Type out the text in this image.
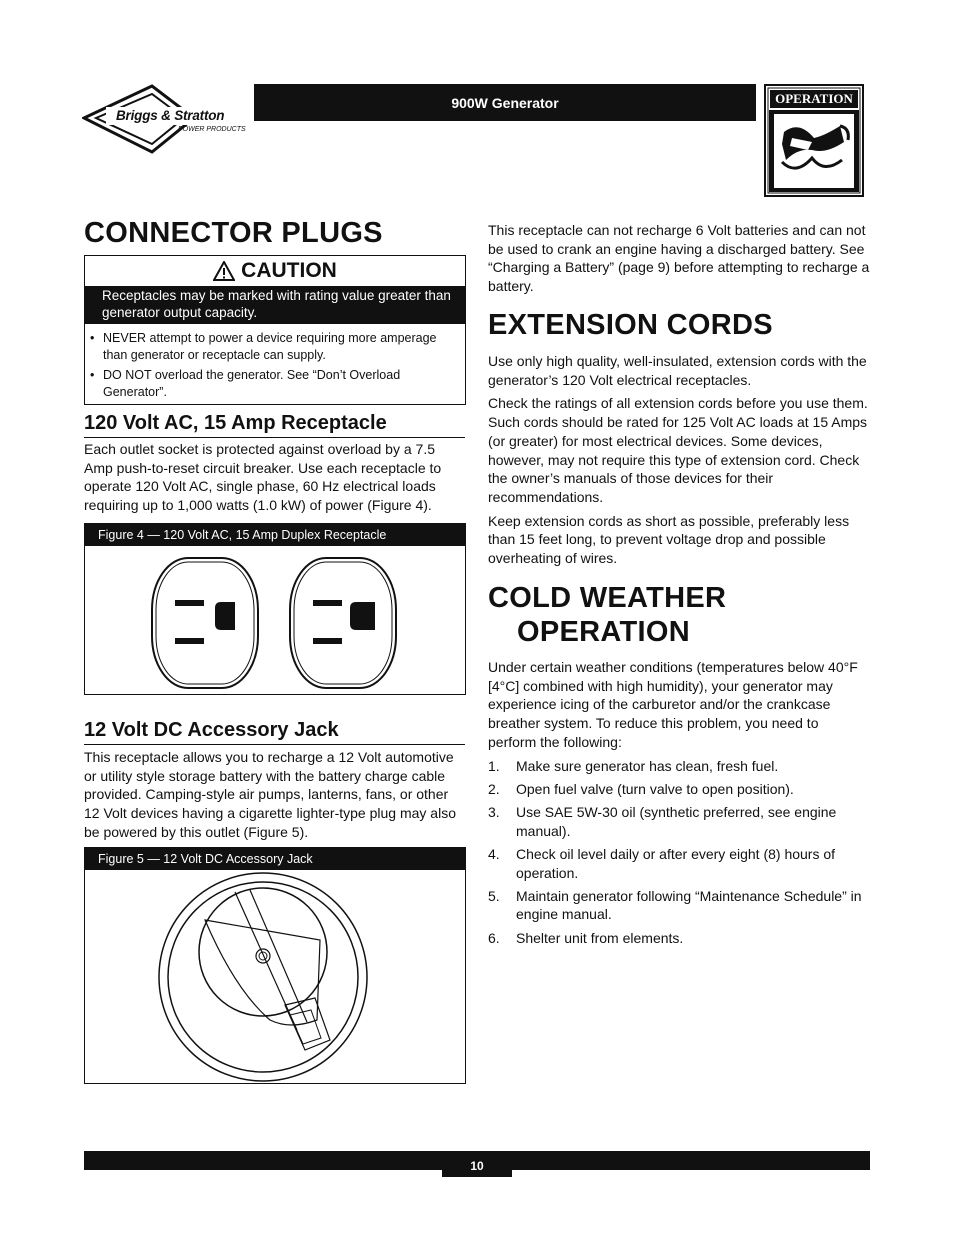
Briggs & Stratton
POWER PRODUCTS
900W Generator	OPERATION
CONNECTOR PLUGS
CAUTION
Receptacles may be marked with rating value greater than generator output capacity.
• NEVER attempt to power a device requiring more amperage than generator or receptacle can supply.
• DO NOT overload the generator. See “Don’t Overload Generator”.
120 Volt AC, 15 Amp Receptacle
Each outlet socket is protected against overload by a 7.5 Amp push-to-reset circuit breaker. Use each receptacle to operate 120 Volt AC, single phase, 60 Hz electrical loads requiring up to 1,000 watts (1.0 kW) of power (Figure 4).
Figure 4 — 120 Volt AC, 15 Amp Duplex Receptacle
12 Volt DC Accessory Jack
This receptacle allows you to recharge a 12 Volt automotive or utility style storage battery with the battery charge cable provided. Camping-style air pumps, lanterns, fans, or other 12 Volt devices having a cigarette lighter-type plug may also be powered by this outlet (Figure 5).
Figure 5 — 12 Volt DC Accessory Jack
This receptacle can not recharge 6 Volt batteries and can not be used to crank an engine having a discharged battery. See “Charging a Battery” (page 9) before attempting to recharge a battery.
EXTENSION CORDS

Use only high quality, well-insulated, extension cords with the generator’s 120 Volt electrical receptacles.

Check the ratings of all extension cords before you use them. Such cords should be rated for 125 Volt AC loads at 15 Amps (or greater) for most electrical devices. Some devices, however, may not require this type of extension cord. Check the owner’s manuals of those devices for their recommendations.

Keep extension cords as short as possible, preferably less than 15 feet long, to prevent voltage drop and possible overheating of wires.

COLD WEATHER
OPERATION

Under certain weather conditions (temperatures below 40°F [4°C] combined with high humidity), your generator may experience icing of the carburetor and/or the crankcase breather system. To reduce this problem, you need to perform the following:

1. Make sure generator has clean, fresh fuel.
2. Open fuel valve (turn valve to open position).
3. Use SAE 5W-30 oil (synthetic preferred, see engine manual).
4. Check oil level daily or after every eight (8) hours of operation.
5. Maintain generator following “Maintenance Schedule” in engine manual.
6. Shelter unit from elements.
10
